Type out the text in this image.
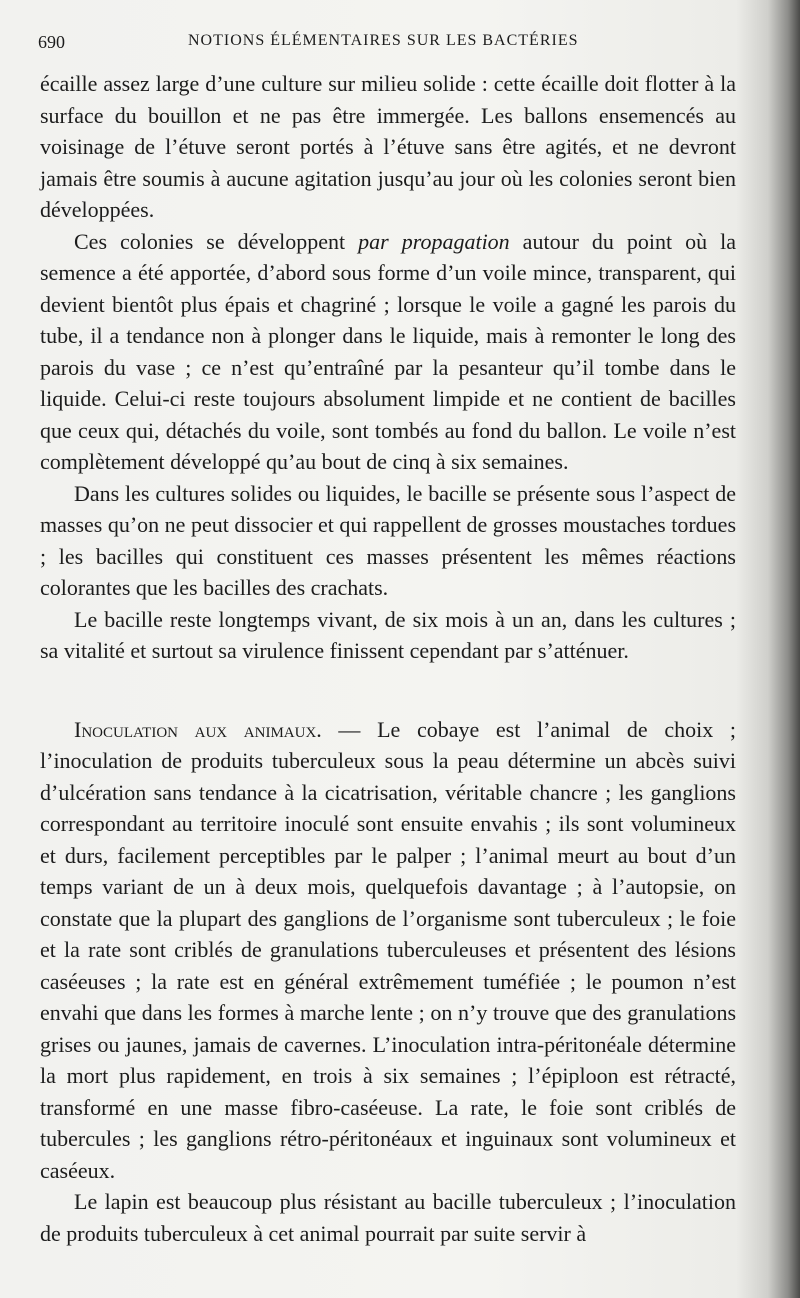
690	NOTIONS ÉLÉMENTAIRES SUR LES BACTÉRIES

écaille assez large d’une culture sur milieu solide : cette écaille doit flotter à la surface du bouillon et ne pas être immergée. Les ballons ensemencés au voisinage de l’étuve seront portés à l’étuve sans être agités, et ne devront jamais être soumis à aucune agitation jusqu’au jour où les colonies seront bien développées.

Ces colonies se développent par propagation autour du point où la semence a été apportée, d’abord sous forme d’un voile mince, transparent, qui devient bientôt plus épais et chagriné ; lorsque le voile a gagné les parois du tube, il a tendance non à plonger dans le liquide, mais à remonter le long des parois du vase ; ce n’est qu’entraîné par la pesanteur qu’il tombe dans le liquide. Celui-ci reste toujours absolument limpide et ne contient de bacilles que ceux qui, détachés du voile, sont tombés au fond du ballon. Le voile n’est complètement développé qu’au bout de cinq à six semaines.

Dans les cultures solides ou liquides, le bacille se présente sous l’aspect de masses qu’on ne peut dissocier et qui rappellent de grosses moustaches tordues ; les bacilles qui constituent ces masses présentent les mêmes réactions colorantes que les bacilles des crachats.

Le bacille reste longtemps vivant, de six mois à un an, dans les cultures ; sa vitalité et surtout sa virulence finissent cependant par s’atténuer.

Inoculation aux animaux. — Le cobaye est l’animal de choix ; l’inoculation de produits tuberculeux sous la peau détermine un abcès suivi d’ulcération sans tendance à la cicatrisation, véritable chancre ; les ganglions correspondant au territoire inoculé sont ensuite envahis ; ils sont volumineux et durs, facilement perceptibles par le palper ; l’animal meurt au bout d’un temps variant de un à deux mois, quelquefois davantage ; à l’autopsie, on constate que la plupart des ganglions de l’organisme sont tuberculeux ; le foie et la rate sont criblés de granulations tuberculeuses et présentent des lésions caséeuses ; la rate est en général extrêmement tuméfiée ; le poumon n’est envahi que dans les formes à marche lente ; on n’y trouve que des granulations grises ou jaunes, jamais de cavernes. L’inoculation intra-péritonéale détermine la mort plus rapidement, en trois à six semaines ; l’épiploon est rétracté, transformé en une masse fibro-caséeuse. La rate, le foie sont criblés de tubercules ; les ganglions rétro-péritonéaux et inguinaux sont volumineux et caséeux.

Le lapin est beaucoup plus résistant au bacille tuberculeux ; l’inoculation de produits tuberculeux à cet animal pourrait par suite servir à
